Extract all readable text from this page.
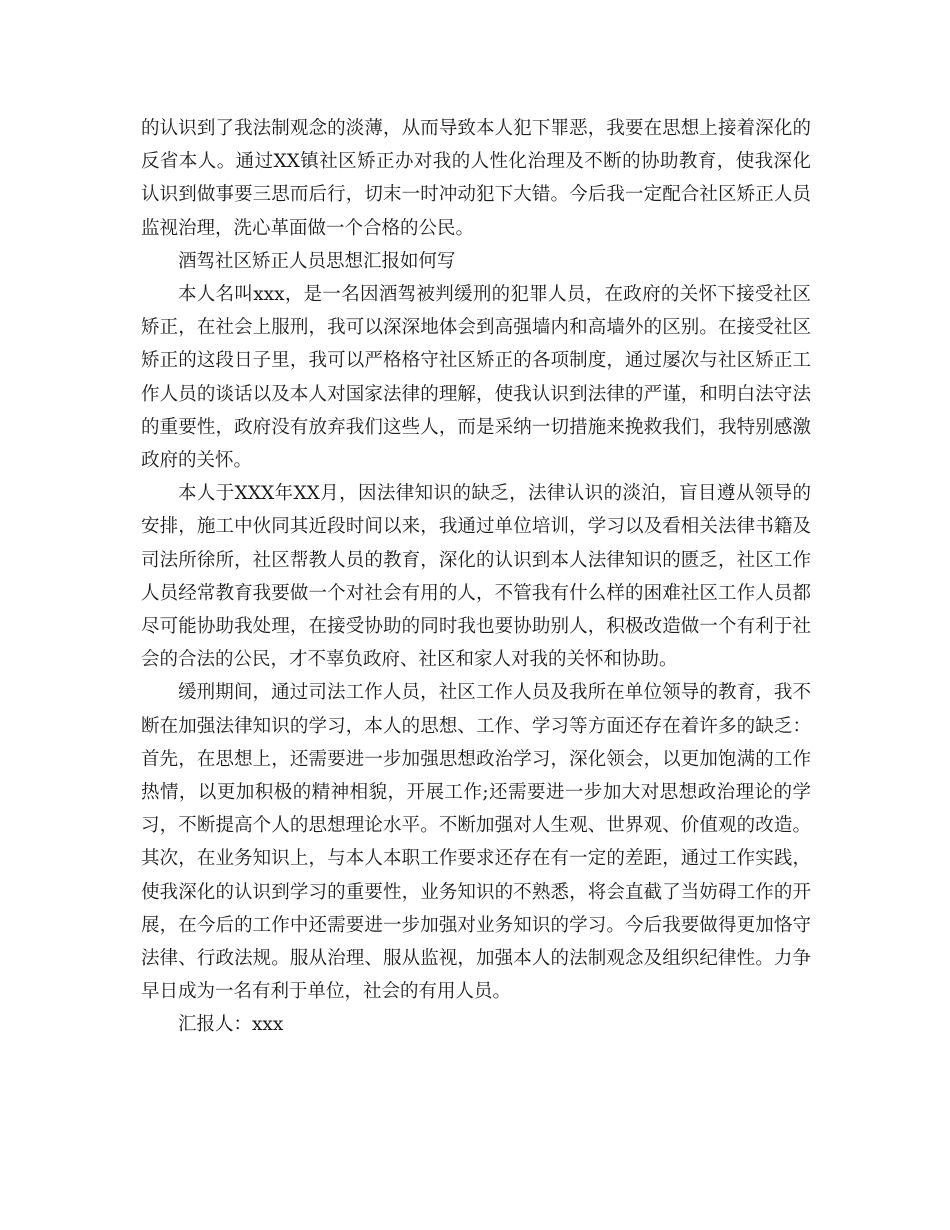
的认识到了我法制观念的淡薄，从而导致本人犯下罪恶，我要在思想上接着深化的反省本人。通过XX镇社区矫正办对我的人性化治理及不断的协助教育，使我深化认识到做事要三思而后行，切末一时冲动犯下大错。今后我一定配合社区矫正人员监视治理，洗心革面做一个合格的公民。

酒驾社区矫正人员思想汇报如何写

本人名叫xxx，是一名因酒驾被判缓刑的犯罪人员，在政府的关怀下接受社区矫正，在社会上服刑，我可以深深地体会到高强墙内和高墙外的区别。在接受社区矫正的这段日子里，我可以严格格守社区矫正的各项制度，通过屡次与社区矫正工作人员的谈话以及本人对国家法律的理解，使我认识到法律的严谨，和明白法守法的重要性，政府没有放弃我们这些人，而是采纳一切措施来挽救我们，我特别感激政府的关怀。

本人于XXX年XX月，因法律知识的缺乏，法律认识的淡泊，盲目遵从领导的安排，施工中伙同其近段时间以来，我通过单位培训，学习以及看相关法律书籍及司法所徐所，社区帮教人员的教育，深化的认识到本人法律知识的匮乏，社区工作人员经常教育我要做一个对社会有用的人，不管我有什么样的困难社区工作人员都尽可能协助我处理，在接受协助的同时我也要协助别人，积极改造做一个有利于社会的合法的公民，才不辜负政府、社区和家人对我的关怀和协助。

缓刑期间，通过司法工作人员，社区工作人员及我所在单位领导的教育，我不断在加强法律知识的学习，本人的思想、工作、学习等方面还存在着许多的缺乏：首先，在思想上，还需要进一步加强思想政治学习，深化领会，以更加饱满的工作热情，以更加积极的精神相貌，开展工作;还需要进一步加大对思想政治理论的学习，不断提高个人的思想理论水平。不断加强对人生观、世界观、价值观的改造。其次，在业务知识上，与本人本职工作要求还存在有一定的差距，通过工作实践，使我深化的认识到学习的重要性，业务知识的不熟悉，将会直截了当妨碍工作的开展，在今后的工作中还需要进一步加强对业务知识的学习。今后我要做得更加恪守法律、行政法规。服从治理、服从监视，加强本人的法制观念及组织纪律性。力争早日成为一名有利于单位，社会的有用人员。

汇报人：xxx
